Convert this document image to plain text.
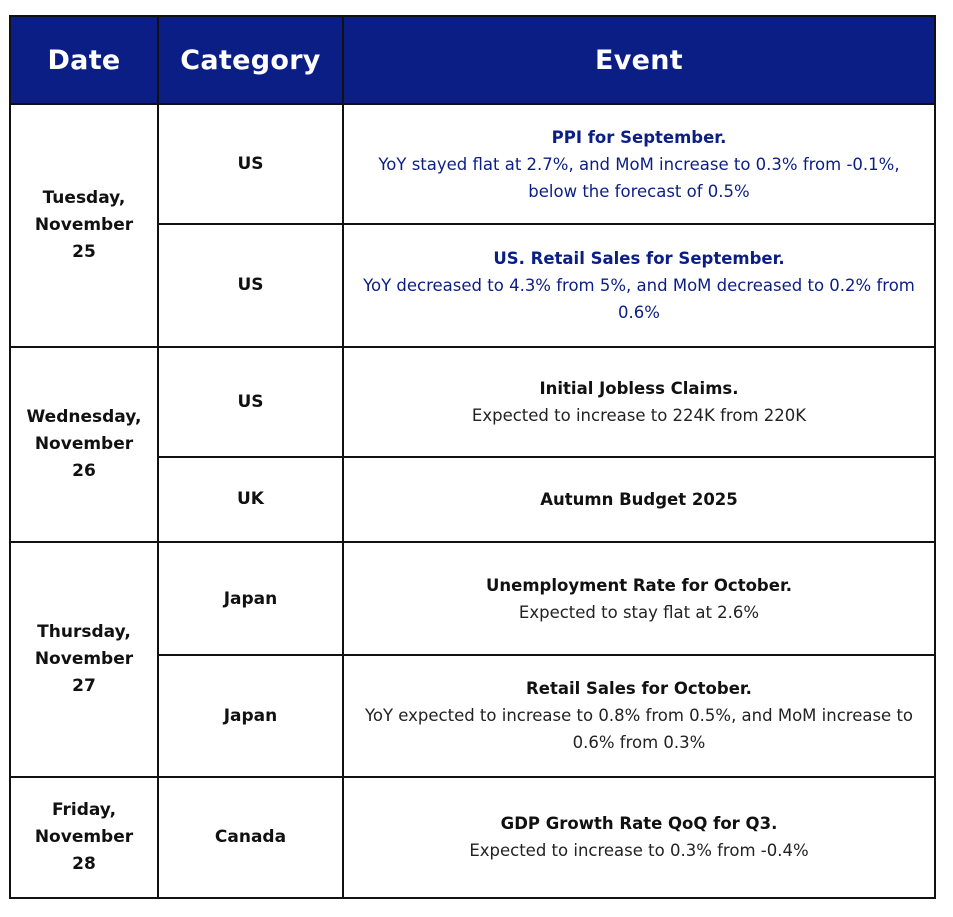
Date	Category	Event

Tuesday,
November
25	US	PPI for September.
YoY stayed flat at 2.7%, and MoM increase to 0.3% from -0.1%, below the forecast of 0.5%

	US	US. Retail Sales for September.
YoY decreased to 4.3% from 5%, and MoM decreased to 0.2% from 0.6%

Wednesday,
November
26	US	Initial Jobless Claims.
Expected to increase to 224K from 220K

	UK	Autumn Budget 2025

Thursday,
November
27	Japan	Unemployment Rate for October.
Expected to stay flat at 2.6%

	Japan	Retail Sales for October.
YoY expected to increase to 0.8% from 0.5%, and MoM increase to 0.6% from 0.3%

Friday,
November
28	Canada	GDP Growth Rate QoQ for Q3.
Expected to increase to 0.3% from -0.4%
